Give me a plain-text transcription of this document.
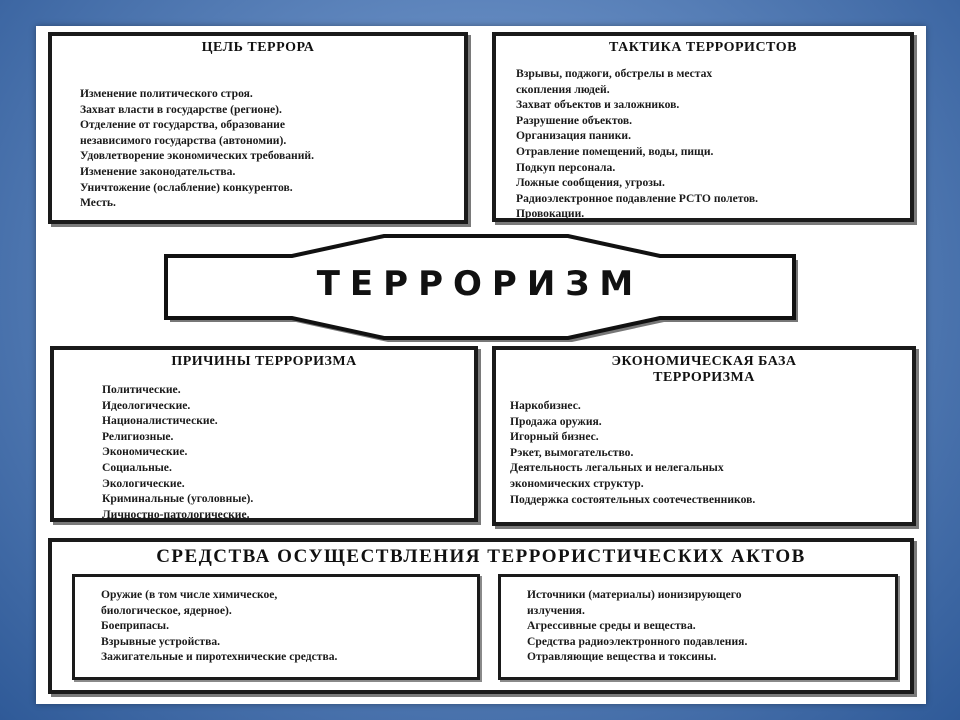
ЦЕЛЬ ТЕРРОРА
Изменение политического строя.
Захват власти в государстве (регионе).
Отделение от государства, образование
независимого государства (автономии).
Удовлетворение экономических требований.
Изменение законодательства.
Уничтожение (ослабление) конкурентов.
Месть.
ТАКТИКА ТЕРРОРИСТОВ
Взрывы, поджоги, обстрелы в местах
скопления людей.
Захват объектов и заложников.
Разрушение объектов.
Организация паники.
Отравление помещений, воды, пищи.
Подкуп персонала.
Ложные сообщения, угрозы.
Радиоэлектронное подавление РСТО полетов.
Провокации.
ТЕРРОРИЗМ
ПРИЧИНЫ ТЕРРОРИЗМА
Политические.
Идеологические.
Националистические.
Религиозные.
Экономические.
Социальные.
Экологические.
Криминальные (уголовные).
Личностно-патологические.
ЭКОНОМИЧЕСКАЯ БАЗА
ТЕРРОРИЗМА
Наркобизнес.
Продажа оружия.
Игорный бизнес.
Рэкет, вымогательство.
Деятельность легальных и нелегальных
экономических структур.
Поддержка состоятельных соотечественников.
СРЕДСТВА ОСУЩЕСТВЛЕНИЯ ТЕРРОРИСТИЧЕСКИХ АКТОВ
Оружие (в том числе химическое,
биологическое, ядерное).
Боеприпасы.
Взрывные устройства.
Зажигательные и пиротехнические средства.
Источники (материалы) ионизирующего
излучения.
Агрессивные среды и вещества.
Средства радиоэлектронного подавления.
Отравляющие вещества и токсины.
